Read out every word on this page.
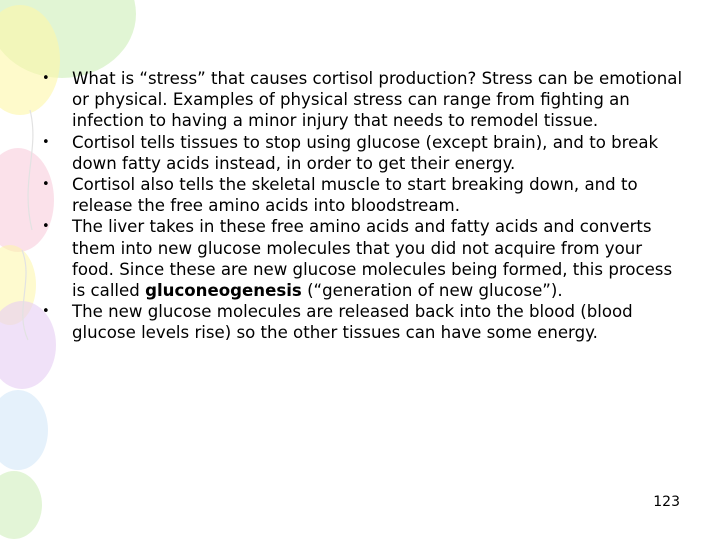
• What is “stress” that causes cortisol production? Stress can be emotional or physical. Examples of physical stress can range from fighting an infection to having a minor injury that needs to remodel tissue.
• Cortisol tells tissues to stop using glucose (except brain), and to break down fatty acids instead, in order to get their energy.
• Cortisol also tells the skeletal muscle to start breaking down, and to release the free amino acids into bloodstream.
• The liver takes in these free amino acids and fatty acids and converts them into new glucose molecules that you did not acquire from your food. Since these are new glucose molecules being formed, this process is called gluconeogenesis (“generation of new glucose”).
• The new glucose molecules are released back into the blood (blood glucose levels rise) so the other tissues can have some energy.
123
